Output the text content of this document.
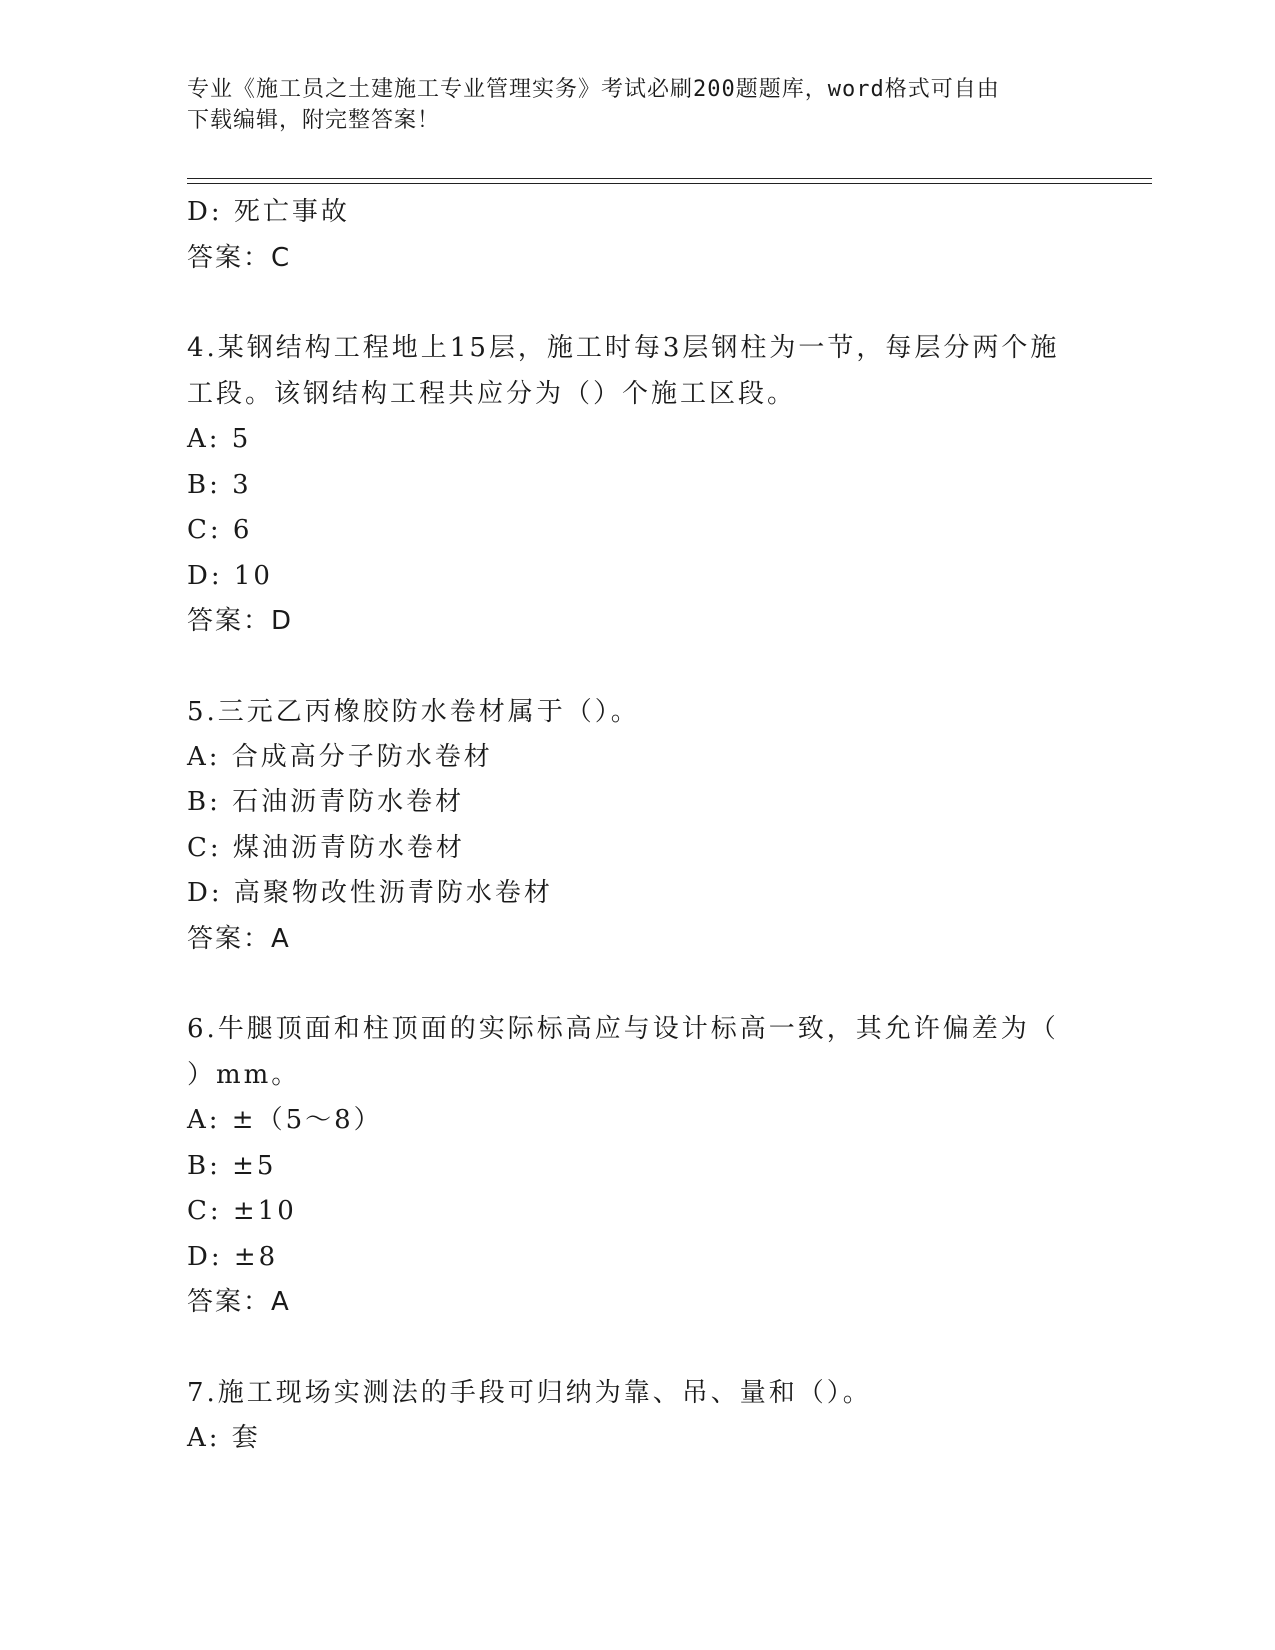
专业《施工员之土建施工专业管理实务》考试必刷200题题库，word格式可自由
下载编辑，附完整答案！
D: 死亡事故
答案：C
4.某钢结构工程地上15层，施工时每3层钢柱为一节，每层分两个施
工段。该钢结构工程共应分为（）个施工区段。
A: 5
B: 3
C: 6
D: 10
答案：D
5.三元乙丙橡胶防水卷材属于（）。
A: 合成高分子防水卷材
B: 石油沥青防水卷材
C: 煤油沥青防水卷材
D: 高聚物改性沥青防水卷材
答案：A
6.牛腿顶面和柱顶面的实际标高应与设计标高一致，其允许偏差为（
）mm。
A: ±（5～8）
B: ±5
C: ±10
D: ±8
答案：A
7.施工现场实测法的手段可归纳为靠、吊、量和（）。
A: 套
